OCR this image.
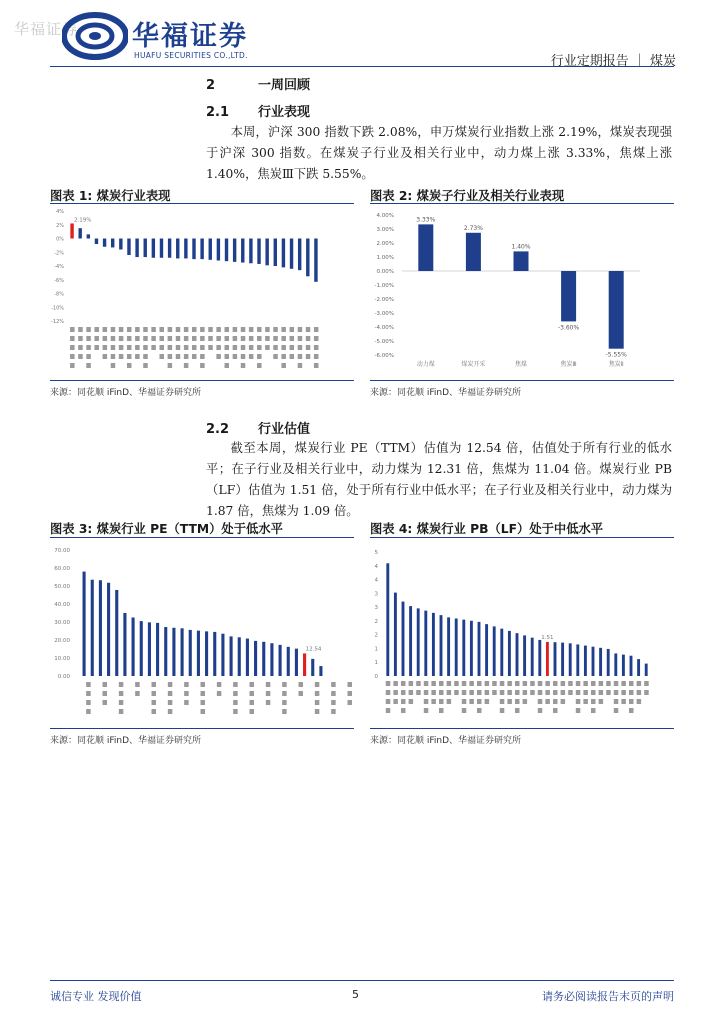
华福证券 华福证券
HUAFU SECURITIES CO.,LTD.	行业定期报告 ｜ 煤炭
2	一周回顾
2.1 行业表现

本周，沪深 300 指数下跌 2.08%，申万煤炭行业指数上涨 2.19%，煤炭表现强于沪深 300 指数。在煤炭子行业及相关行业中，动力煤上涨 3.33%，焦煤上涨 1.40%，焦炭Ⅲ下跌 5.55%。

图表 1: 煤炭行业表现
4%
2%
0%
-2%
-4%
-6%
-8%
-10%
-12%
2.19%
来源：同花顺 iFinD、华福证券研究所
图表 2: 煤炭子行业及相关行业表现
4.00%
3.00%
2.00%
1.00%
0.00%
-1.00%
-2.00%
-3.00%
-4.00%
-5.00%
-6.00%
3.33%
动力煤
2.73%
煤炭开采
1.40%
焦煤
-3.60%
焦炭Ⅲ
-5.55%
焦炭Ⅱ
来源：同花顺 iFinD、华福证券研究所
2.2 行业估值

截至本周，煤炭行业 PE（TTM）估值为 12.54 倍，估值处于所有行业的低水平；在子行业及相关行业中，动力煤为 12.31 倍，焦煤为 11.04 倍。煤炭行业 PB（LF）估值为 1.51 倍，处于所有行业中低水平；在子行业及相关行业中，动力煤为 1.87 倍，焦煤为 1.09 倍。

图表 3: 煤炭行业 PE（TTM）处于低水平
70.00
60.00
50.00
40.00
30.00
20.00
10.00
0.00
12.54
来源：同花顺 iFinD、华福证券研究所
图表 4: 煤炭行业 PB（LF）处于中低水平
5
4
4
3
3
2
2
1
1
0
1.51
来源：同花顺 iFinD、华福证券研究所
诚信专业 发现价值	5	请务必阅读报告末页的声明
